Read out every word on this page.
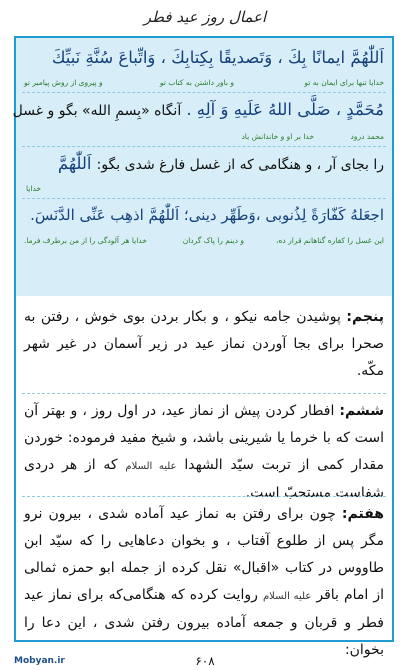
اعمال روز عید فطر
اَللّٰهُمَّ ایمانًا بِكَ ، وَتَصدیقًا بِكِتابِكَ ، وَاتِّباعَ سُنَّةِ نَبیِّكَ
خدایا تنها برای ایمان به تو
و باور داشتن به کتاب تو
و پیروی از روش پیامبر تو
مُحَمَّدٍ ، صَلَّى اللهُ عَلَیهِ وَ آلِهِ . آنگاه «بِسمِ الله» بگو و غسل
محمد درود
خدا بر او و خاندانش باد
را بجای آر ، و هنگامی که از غسل فارغ شدی بگو: اَللّٰهُمَّ
خدایا
اجعَلهُ كَفّارَةً لِذُنوبی ،وَطَهِّر دینی؛ اَللّٰهُمَّ اذهِب عَنِّی الدَّنَسَ.
این غسل را کفاره گناهانم قرار ده،
و دینم را پاک گردان
خدایا هر آلودگی را از من برطرف فرما.
پنجم: پوشیدن جامه نیکو ، و بکار بردن بوی خوش ، رفتن به صحرا برای بجا آوردن نماز عید در زیر آسمان در غیر شهر مکّه.
ششم: افطار کردن پیش از نماز عید، در اول روز ، و بهتر آن است که با خرما یا شیرینی باشد، و شیخ مفید فرموده: خوردن مقدار کمی از تربت سیّد الشهدا عليه السلام که از هر دردی شفاست مستحبّ است.
هفتم: چون برای رفتن به نماز عید آماده شدی ، بیرون نرو مگر پس از طلوع آفتاب ، و بخوان دعاهایی را که سیّد ابن طاووس در کتاب «اقبال» نقل کرده از جمله ابو حمزه ثمالی از امام باقر عليه السلام روایت کرده که هنگامی‌که برای نماز عید فطر و قربان و جمعه آماده بیرون رفتن شدی ، این دعا را بخوان:
Mobyan.ir	۶۰۸
